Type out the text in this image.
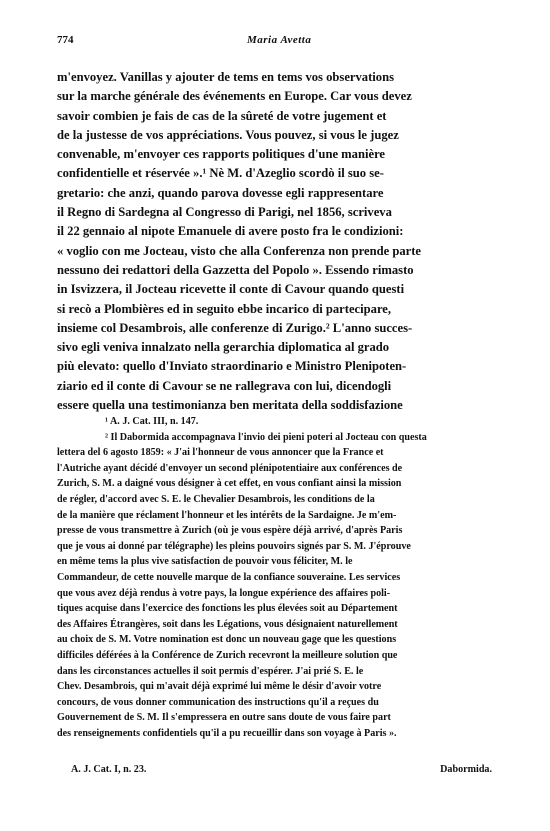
774	Maria Avetta
m'envoyez. Vanillas y ajouter de tems en tems vos observations
sur la marche générale des événements en Europe. Car vous devez
savoir combien je fais de cas de la sûreté de votre jugement et
de la justesse de vos appréciations. Vous pouvez, si vous le jugez
convenable, m'envoyer ces rapports politiques d'une manière
confidentielle et réservée ».¹ Nè M. d'Azeglio scordò il suo se-
gretario: che anzi, quando parova dovesse egli rappresentare
il Regno di Sardegna al Congresso di Parigi, nel 1856, scriveva
il 22 gennaio al nipote Emanuele di avere posto fra le condizioni:
« voglio con me Jocteau, visto che alla Conferenza non prende parte
nessuno dei redattori della Gazzetta del Popolo ». Essendo rimasto
in Isvizzera, il Jocteau ricevette il conte di Cavour quando questi
si recò a Plombières ed in seguito ebbe incarico di partecipare,
insieme col Desambrois, alle conferenze di Zurigo.² L'anno succes-
sivo egli veniva innalzato nella gerarchia diplomatica al grado
più elevato: quello d'Inviato straordinario e Ministro Plenipoten-
ziario ed il conte di Cavour se ne rallegrava con lui, dicendogli
essere quella una testimonianza ben meritata della soddisfazione
¹ A. J. Cat. III, n. 147.
² Il Dabormida accompagnava l'invio dei pieni poteri al Jocteau con questa
lettera del 6 agosto 1859: « J'ai l'honneur de vous annoncer que la France et
l'Autriche ayant décidé d'envoyer un second plénipotentiaire aux conférences de
Zurich, S. M. a daigné vous désigner à cet effet, en vous confiant ainsi la mission
de régler, d'accord avec S. E. le Chevalier Desambrois, les conditions de la
de la manière que réclament l'honneur et les intérêts de la Sardaigne. Je m'em-
presse de vous transmettre à Zurich (où je vous espère déjà arrivé, d'après Paris
que je vous ai donné par télégraphe) les pleins pouvoirs signés par S. M. J'éprouve
en même tems la plus vive satisfaction de pouvoir vous féliciter, M. le
Commandeur, de cette nouvelle marque de la confiance souveraine. Les services
que vous avez déjà rendus à votre pays, la longue expérience des affaires poli-
tiques acquise dans l'exercice des fonctions les plus élevées soit au Département
des Affaires Étrangères, soit dans les Légations, vous désignaient naturellement
au choix de S. M. Votre nomination est donc un nouveau gage que les questions
difficiles déférées à la Conférence de Zurich recevront la meilleure solution que
dans les circonstances actuelles il soit permis d'espérer. J'ai prié S. E. le
Chev. Desambrois, qui m'avait déjà exprimé lui même le désir d'avoir votre
concours, de vous donner communication des instructions qu'il a reçues du
Gouvernement de S. M. Il s'empressera en outre sans doute de vous faire part
des renseignements confidentiels qu'il a pu recueillir dans son voyage à Paris ».
A. J. Cat. I, n. 23.	Dabormida.
